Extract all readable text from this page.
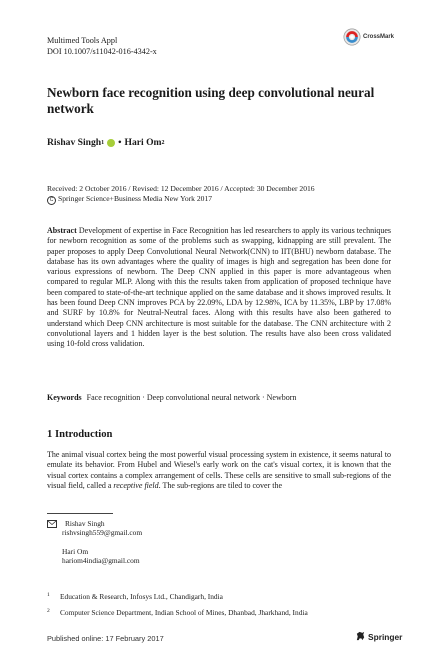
Multimed Tools Appl
DOI 10.1007/s11042-016-4342-x
CrossMark
Newborn face recognition using deep convolutional neural network
Rishav Singh 1 • Hari Om 2
Received: 2 October 2016 / Revised: 12 December 2016 / Accepted: 30 December 2016
C Springer Science+Business Media New York 2017
Abstract Development of expertise in Face Recognition has led researchers to apply its various techniques for newborn recognition as some of the problems such as swapping, kidnapping are still prevalent. The paper proposes to apply Deep Convolutional Neural Network(CNN) to IIT(BHU) newborn database. The database has its own advantages where the quality of images is high and segregation has been done for various expressions of newborn. The Deep CNN applied in this paper is more advantageous when compared to regular MLP. Along with this the results taken from application of proposed technique have been compared to state-of-the-art technique applied on the same database and it shows improved results. It has been found Deep CNN improves PCA by 22.09%, LDA by 12.98%, ICA by 11.35%, LBP by 17.08% and SURF by 10.8% for Neutral-Neutral faces. Along with this results have also been gathered to understand which Deep CNN architecture is most suitable for the database. The CNN architecture with 2 convolutional layers and 1 hidden layer is the best solution. The results have also been cross validated using 10-fold cross validation.
Keywords Face recognition · Deep convolutional neural network · Newborn
1 Introduction
The animal visual cortex being the most powerful visual processing system in existence, it seems natural to emulate its behavior. From Hubel and Wiesel's early work on the cat's visual cortex, it is known that the visual cortex contains a complex arrangement of cells. These cells are sensitive to small sub-regions of the visual field, called a receptive field. The sub-regions are tiled to cover the
Rishav Singh
rishvsingh559@gmail.com
Hari Om
hariom4india@gmail.com
$^1$ Education & Research, Infosys Ltd., Chandigarh, India
$^2$ Computer Science Department, Indian School of Mines, Dhanbad, Jharkhand, India
Published online: 17 February 2017	Springer
